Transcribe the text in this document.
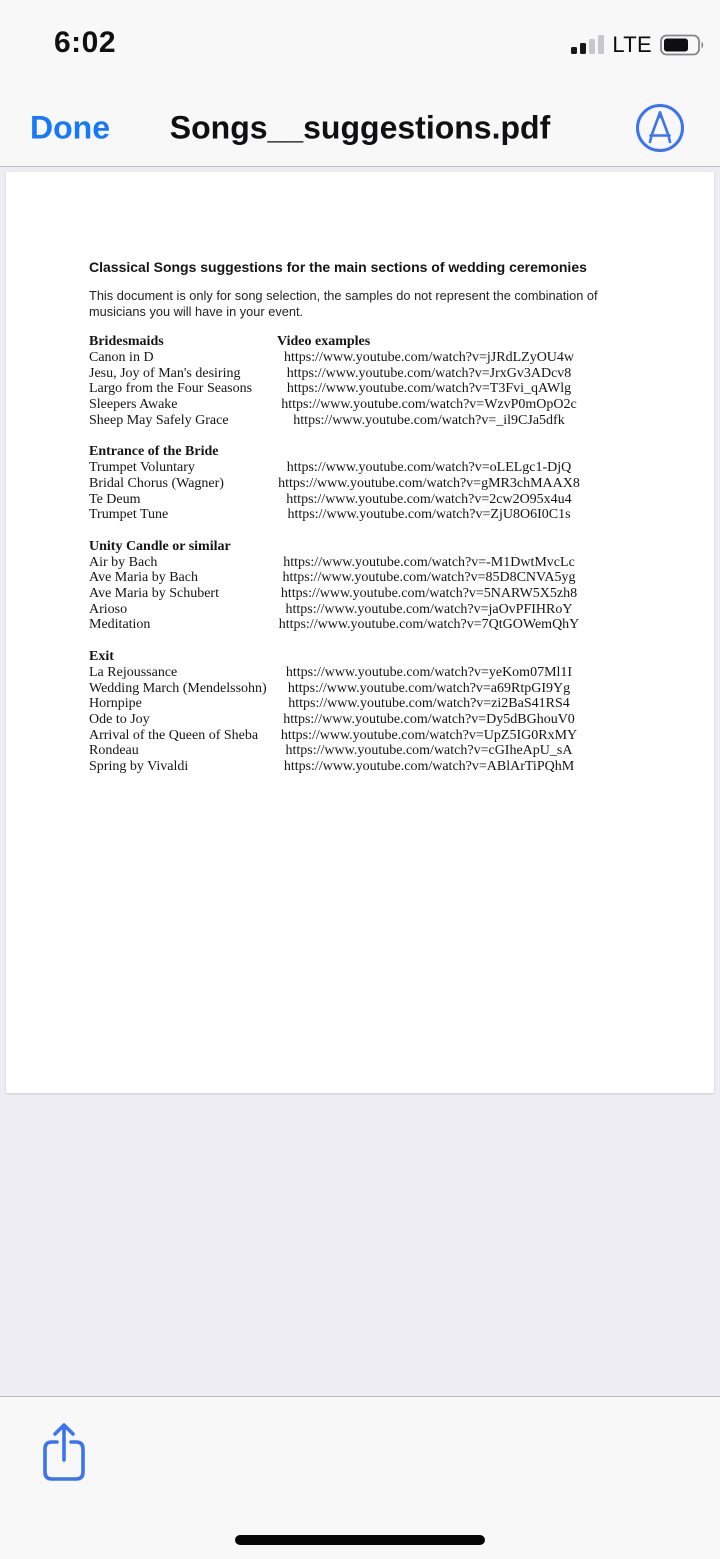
6:02	LTE
Done Songs__suggestions.pdf
Classical Songs suggestions for the main sections of wedding ceremonies
This document is only for song selection, the samples do not represent the combination of musicians you will have in your event.
Bridesmaids	Video examples
Canon in D	https://www.youtube.com/watch?v=jJRdLZyOU4w
Jesu, Joy of Man's desiring	https://www.youtube.com/watch?v=JrxGv3ADcv8
Largo from the Four Seasons	https://www.youtube.com/watch?v=T3Fvi_qAWlg
Sleepers Awake	https://www.youtube.com/watch?v=WzvP0mOpO2c
Sheep May Safely Grace	https://www.youtube.com/watch?v=_il9CJa5dfk
Entrance of the Bride
Trumpet Voluntary	https://www.youtube.com/watch?v=oLELgc1-DjQ
Bridal Chorus (Wagner)	https://www.youtube.com/watch?v=gMR3chMAAX8
Te Deum	https://www.youtube.com/watch?v=2cw2O95x4u4
Trumpet Tune	https://www.youtube.com/watch?v=ZjU8O6I0C1s
Unity Candle or similar
Air by Bach	https://www.youtube.com/watch?v=-M1DwtMvcLc
Ave Maria by Bach	https://www.youtube.com/watch?v=85D8CNVA5yg
Ave Maria by Schubert	https://www.youtube.com/watch?v=5NARW5X5zh8
Arioso	https://www.youtube.com/watch?v=jaOvPFIHRoY
Meditation	https://www.youtube.com/watch?v=7QtGOWemQhY
Exit
La Rejoussance	https://www.youtube.com/watch?v=yeKom07Ml1I
Wedding March (Mendelssohn)	https://www.youtube.com/watch?v=a69RtpGI9Yg
Hornpipe	https://www.youtube.com/watch?v=zi2BaS41RS4
Ode to Joy	https://www.youtube.com/watch?v=Dy5dBGhouV0
Arrival of the Queen of Sheba	https://www.youtube.com/watch?v=UpZ5IG0RxMY
Rondeau	https://www.youtube.com/watch?v=cGIheApU_sA
Spring by Vivaldi	https://www.youtube.com/watch?v=ABlArTiPQhM
